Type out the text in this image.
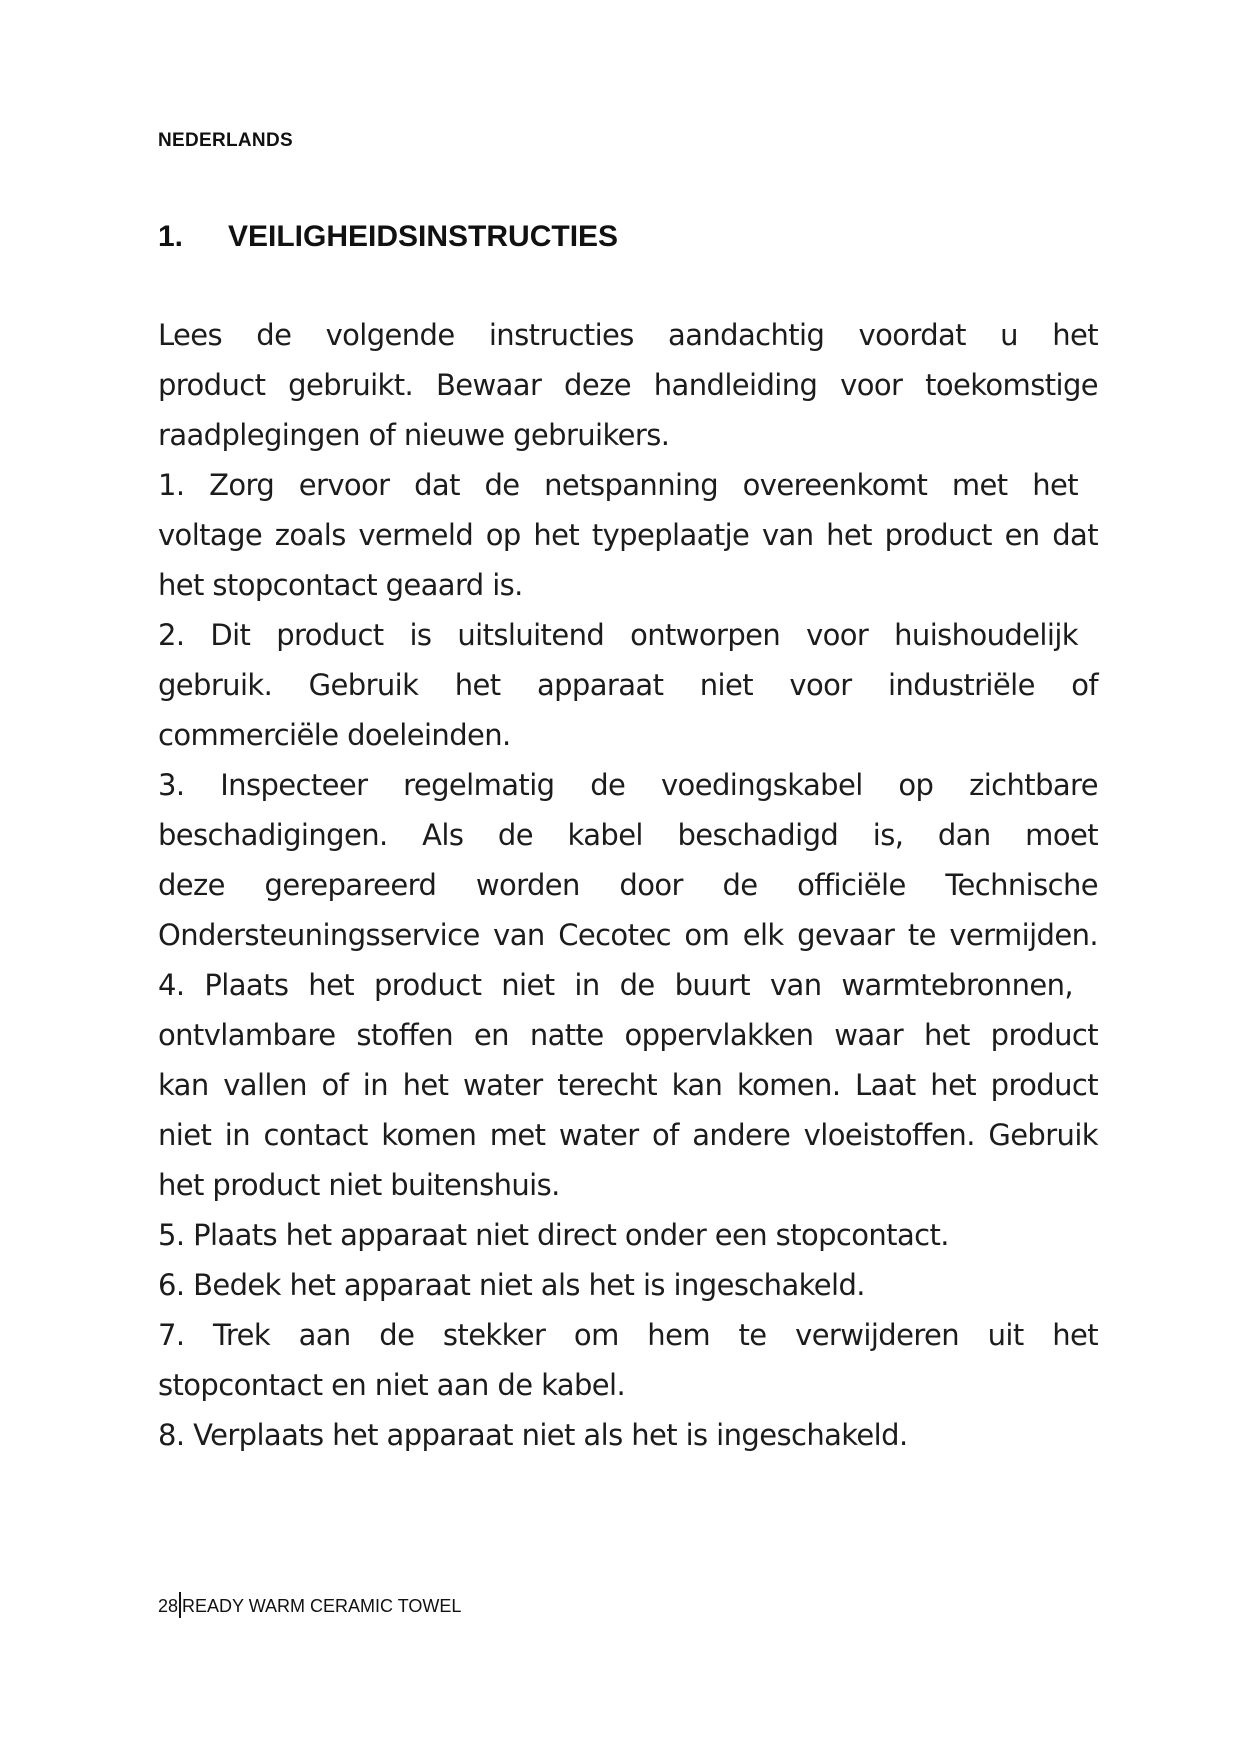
NEDERLANDS
1. VEILIGHEIDSINSTRUCTIES
Lees de volgende instructies aandachtig voordat u het
product gebruikt. Bewaar deze handleiding voor toekomstige
raadplegingen of nieuwe gebruikers.
1. Zorg ervoor dat de netspanning overeenkomt met het
voltage zoals vermeld op het typeplaatje van het product en dat
het stopcontact geaard is.
2. Dit product is uitsluitend ontworpen voor huishoudelijk
gebruik. Gebruik het apparaat niet voor industriële of
commerciële doeleinden.
3. Inspecteer regelmatig de voedingskabel op zichtbare
beschadigingen. Als de kabel beschadigd is, dan moet
deze gerepareerd worden door de officiële Technische
Ondersteuningsservice van Cecotec om elk gevaar te vermijden.
4. Plaats het product niet in de buurt van warmtebronnen,
ontvlambare stoffen en natte oppervlakken waar het product
kan vallen of in het water terecht kan komen. Laat het product
niet in contact komen met water of andere vloeistoffen. Gebruik
het product niet buitenshuis.
5. Plaats het apparaat niet direct onder een stopcontact.
6. Bedek het apparaat niet als het is ingeschakeld.
7. Trek aan de stekker om hem te verwijderen uit het
stopcontact en niet aan de kabel.
8. Verplaats het apparaat niet als het is ingeschakeld.
28 READY WARM CERAMIC TOWEL
